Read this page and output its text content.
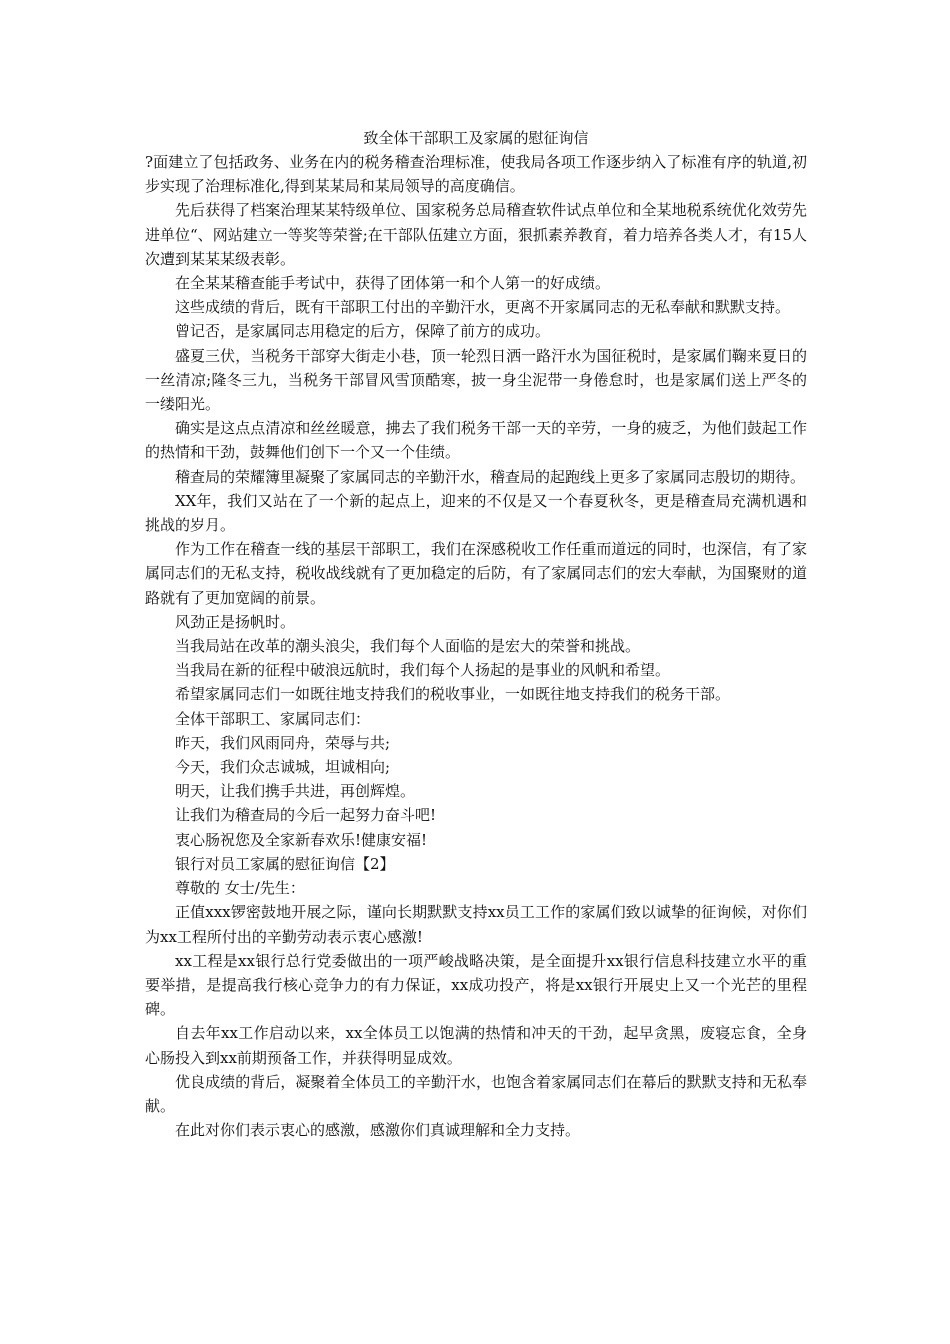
致全体干部职工及家属的慰征询信

?面建立了包括政务、业务在内的税务稽查治理标准，使我局各项工作逐步纳入了标准有序的轨道,初步实现了治理标准化,得到某某局和某局领导的高度确信。

先后获得了档案治理某某特级单位、国家税务总局稽查软件试点单位和全某地税系统优化效劳先进单位“、网站建立一等奖等荣誉;在干部队伍建立方面，狠抓素养教育，着力培养各类人才，有15人次遭到某某某级表彰。

在全某某稽查能手考试中，获得了团体第一和个人第一的好成绩。

这些成绩的背后，既有干部职工付出的辛勤汗水，更离不开家属同志的无私奉献和默默支持。

曾记否，是家属同志用稳定的后方，保障了前方的成功。

盛夏三伏，当税务干部穿大街走小巷，顶一轮烈日洒一路汗水为国征税时，是家属们鞠来夏日的一丝清凉;隆冬三九，当税务干部冒风雪顶酷寒，披一身尘泥带一身倦怠时，也是家属们送上严冬的一缕阳光。

确实是这点点清凉和丝丝暖意，拂去了我们税务干部一天的辛劳，一身的疲乏，为他们鼓起工作的热情和干劲，鼓舞他们创下一个又一个佳绩。

稽查局的荣耀簿里凝聚了家属同志的辛勤汗水，稽查局的起跑线上更多了家属同志殷切的期待。

XX年，我们又站在了一个新的起点上，迎来的不仅是又一个春夏秋冬，更是稽查局充满机遇和挑战的岁月。

作为工作在稽查一线的基层干部职工，我们在深感税收工作任重而道远的同时，也深信，有了家属同志们的无私支持，税收战线就有了更加稳定的后防，有了家属同志们的宏大奉献，为国聚财的道路就有了更加宽阔的前景。

风劲正是扬帆时。

当我局站在改革的潮头浪尖，我们每个人面临的是宏大的荣誉和挑战。

当我局在新的征程中破浪远航时，我们每个人扬起的是事业的风帆和希望。

希望家属同志们一如既往地支持我们的税收事业，一如既往地支持我们的税务干部。

全体干部职工、家属同志们：

昨天，我们风雨同舟，荣辱与共;

今天，我们众志诚城，坦诚相向;

明天，让我们携手共进，再创辉煌。

让我们为稽查局的今后一起努力奋斗吧!

衷心肠祝您及全家新春欢乐!健康安福!

银行对员工家属的慰征询信【2】

尊敬的 女士/先生：

正值xxx锣密鼓地开展之际，谨向长期默默支持xx员工工作的家属们致以诚挚的征询候，对你们为xx工程所付出的辛勤劳动表示衷心感激!

xx工程是xx银行总行党委做出的一项严峻战略决策，是全面提升xx银行信息科技建立水平的重要举措，是提高我行核心竞争力的有力保证，xx成功投产，将是xx银行开展史上又一个光芒的里程碑。

自去年xx工作启动以来，xx全体员工以饱满的热情和冲天的干劲，起早贪黑，废寝忘食，全身心肠投入到xx前期预备工作，并获得明显成效。

优良成绩的背后，凝聚着全体员工的辛勤汗水，也饱含着家属同志们在幕后的默默支持和无私奉献。

在此对你们表示衷心的感激，感激你们真诚理解和全力支持。
